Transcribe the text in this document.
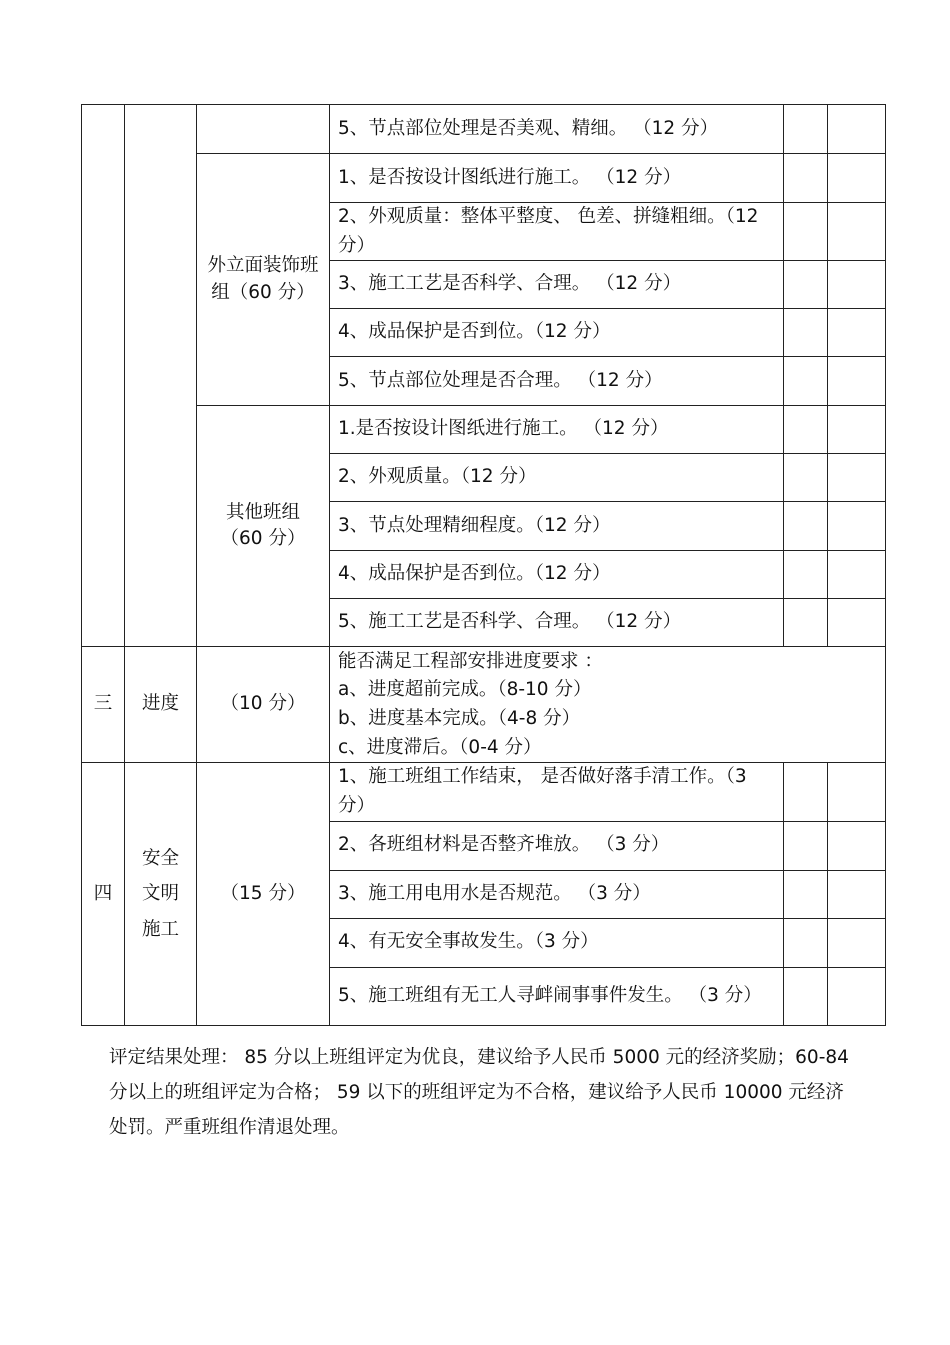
			5、节点部位处理是否美观、精细。 （12 分）		
		外立面装饰班组（60 分）	1、是否按设计图纸进行施工。 （12 分）		
			2、外观质量：整体平整度、 色差、拼缝粗细。（12 分）		
			3、施工工艺是否科学、合理。 （12 分）		
			4、成品保护是否到位。（12 分）		
			5、节点部位处理是否合理。 （12 分）		
		其他班组（60 分）	1.是否按设计图纸进行施工。 （12 分）		
			2、外观质量。（12 分）		
			3、节点处理精细程度。（12 分）		
			4、成品保护是否到位。（12 分）		
			5、施工工艺是否科学、合理。 （12 分）		
三	进度	（10 分）	能否满足工程部安排进度要求 ：
a、进度超前完成。（8-10 分）
b、进度基本完成。（4-8 分）
c、进度滞后。（0-4 分）		

四	安全
文明
施工	（15 分）	1、施工班组工作结束， 是否做好落手清工作。（3 分）		
			2、各班组材料是否整齐堆放。 （3 分）		
			3、施工用电用水是否规范。 （3 分）		
			4、有无安全事故发生。（3 分）		
			5、施工班组有无工人寻衅闹事事件发生。 （3 分）		

评定结果处理： 85 分以上班组评定为优良，建议给予人民币 5000 元的经济奖励；60-84 分以上的班组评定为合格； 59 以下的班组评定为不合格，建议给予人民币 10000 元经济处罚。严重班组作清退处理。
